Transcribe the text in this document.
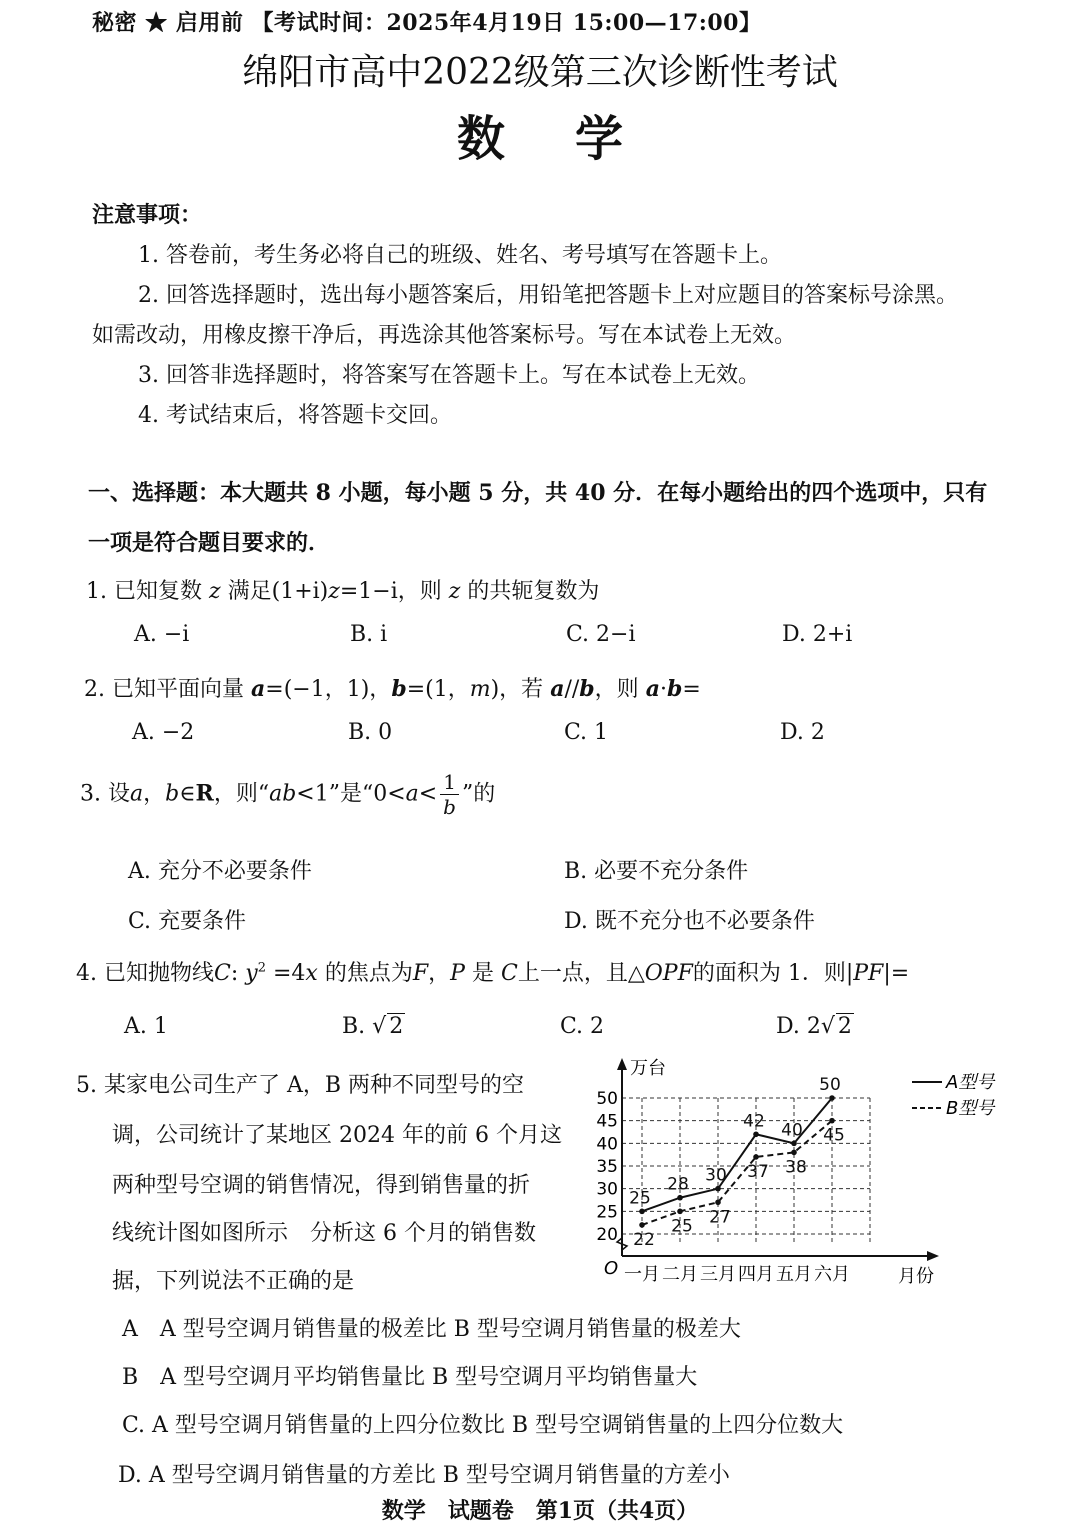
秘密 ★ 启用前 【考试时间：2025年4月19日 15:00—17:00】
绵阳市高中2022级第三次诊断性考试
数学
注意事项：
1. 答卷前，考生务必将自己的班级、姓名、考号填写在答题卡上。
2. 回答选择题时，选出每小题答案后，用铅笔把答题卡上对应题目的答案标号涂黑。
如需改动，用橡皮擦干净后，再选涂其他答案标号。写在本试卷上无效。
3. 回答非选择题时，将答案写在答题卡上。写在本试卷上无效。
4. 考试结束后，将答题卡交回。
一、选择题：本大题共 8 小题，每小题 5 分，共 40 分．在每小题给出的四个选项中，只有
一项是符合题目要求的．
1. 已知复数 z 满足(1+i)z=1−i，则 z 的共轭复数为
A. −i	B. i	C. 2−i	D. 2+i
2. 已知平面向量 a=(−1，1)，b=(1，m)，若 a//b，则 a·b=
A. −2	B. 0	C. 1	D. 2
3. 设a，b∈R，则“ab<1”是“$0<a< \frac{1}{b}$ ”的
A. 充分不必要条件	B. 必要不充分条件
C. 充要条件	D. 既不充分也不必要条件
4. 已知抛物线C: $y^2 =4x$ 的焦点为F，P 是 C上一点，且△OPF的面积为 1．则|PF|=
A. 1	B. √ 2	C. 2	D. 2√ 2
5. 某家电公司生产了 A，B 两种不同型号的空
调，公司统计了某地区 2024 年的前 6 个月这
两种型号空调的销售情况，得到销售量的折
线统计图如图所示　分析这 6 个月的销售数
据，下列说法不正确的是
20
25
30
35
40
45
50
一月 二月 三月 四月 五月 六月
25
28 30
42 40
50
22
25 27
37 38
45
A型号
B型号
万台
月份
O
A　A 型号空调月销售量的极差比 B 型号空调月销售量的极差大
B　A 型号空调月平均销售量比 B 型号空调月平均销售量大
C. A 型号空调月销售量的上四分位数比 B 型号空调销售量的上四分位数大
D. A 型号空调月销售量的方差比 B 型号空调月销售量的方差小
数学　试题卷　第1页（共4页）
